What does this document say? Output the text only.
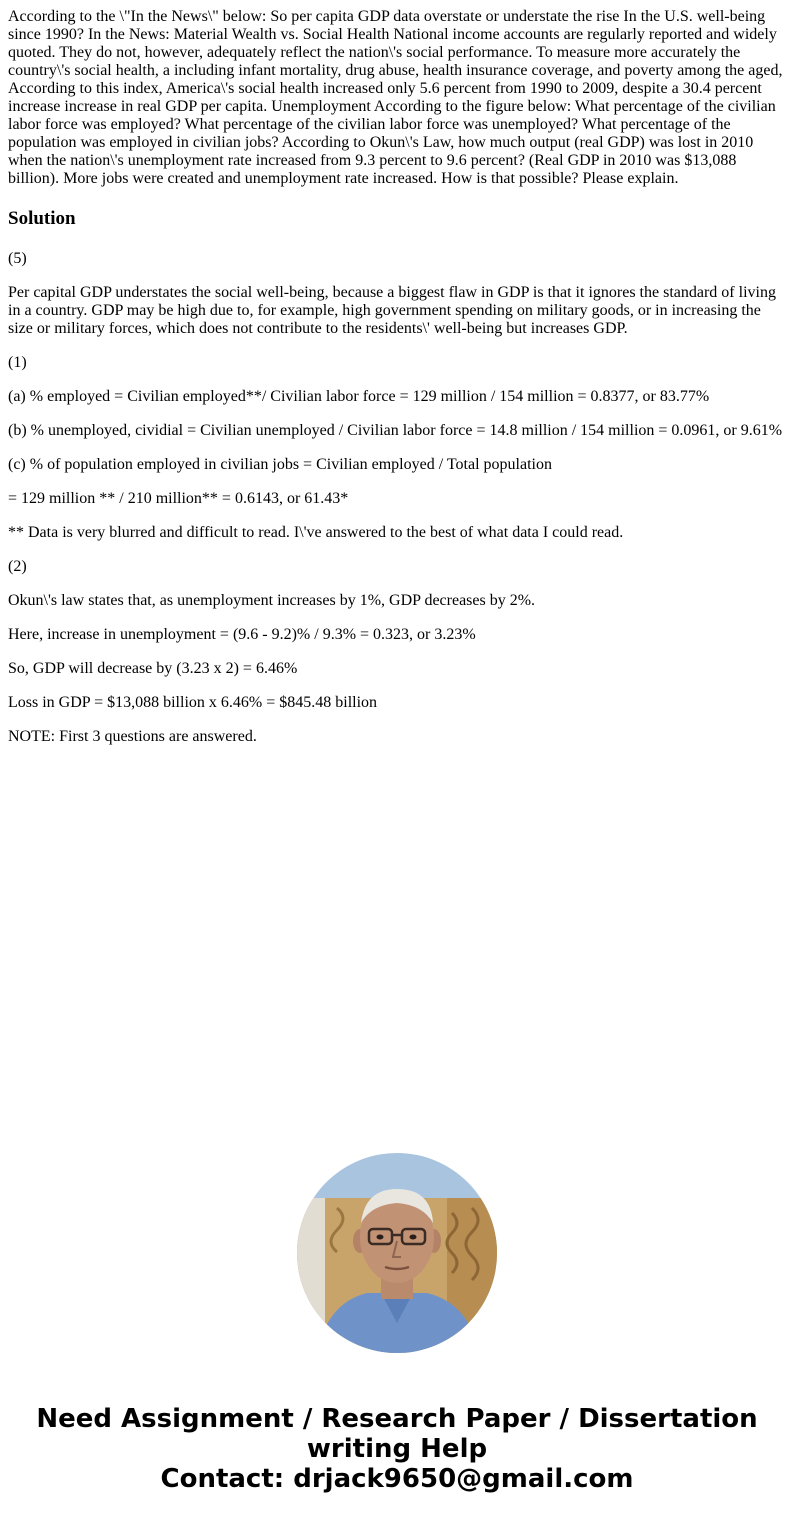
According to the \"In the News\" below: So per capita GDP data overstate or understate the rise In the U.S. well-being since 1990? In the News: Material Wealth vs. Social Health National income accounts are regularly reported and widely quoted. They do not, however, adequately reflect the nation\'s social performance. To measure more accurately the country\'s social health, a including infant mortality, drug abuse, health insurance coverage, and poverty among the aged, According to this index, America\'s social health increased only 5.6 percent from 1990 to 2009, despite a 30.4 percent increase increase in real GDP per capita. Unemployment According to the figure below: What percentage of the civilian labor force was employed? What percentage of the civilian labor force was unemployed? What percentage of the population was employed in civilian jobs? According to Okun\'s Law, how much output (real GDP) was lost in 2010 when the nation\'s unemployment rate increased from 9.3 percent to 9.6 percent? (Real GDP in 2010 was $13,088 billion). More jobs were created and unemployment rate increased. How is that possible? Please explain.

Solution

(5)

Per capital GDP understates the social well-being, because a biggest flaw in GDP is that it ignores the standard of living in a country. GDP may be high due to, for example, high government spending on military goods, or in increasing the size or military forces, which does not contribute to the residents\' well-being but increases GDP.

(1)

(a) % employed = Civilian employed**/ Civilian labor force = 129 million / 154 million = 0.8377, or 83.77%

(b) % unemployed, cividial = Civilian unemployed / Civilian labor force = 14.8 million / 154 million = 0.0961, or 9.61%

(c) % of population employed in civilian jobs = Civilian employed / Total population

= 129 million ** / 210 million** = 0.6143, or 61.43*

** Data is very blurred and difficult to read. I\'ve answered to the best of what data I could read.

(2)

Okun\'s law states that, as unemployment increases by 1%, GDP decreases by 2%.

Here, increase in unemployment = (9.6 - 9.2)% / 9.3% = 0.323, or 3.23%

So, GDP will decrease by (3.23 x 2) = 6.46%

Loss in GDP = $13,088 billion x 6.46% = $845.48 billion

NOTE: First 3 questions are answered.

Need Assignment / Research Paper / Dissertation
writing Help
Contact: drjack9650@gmail.com
